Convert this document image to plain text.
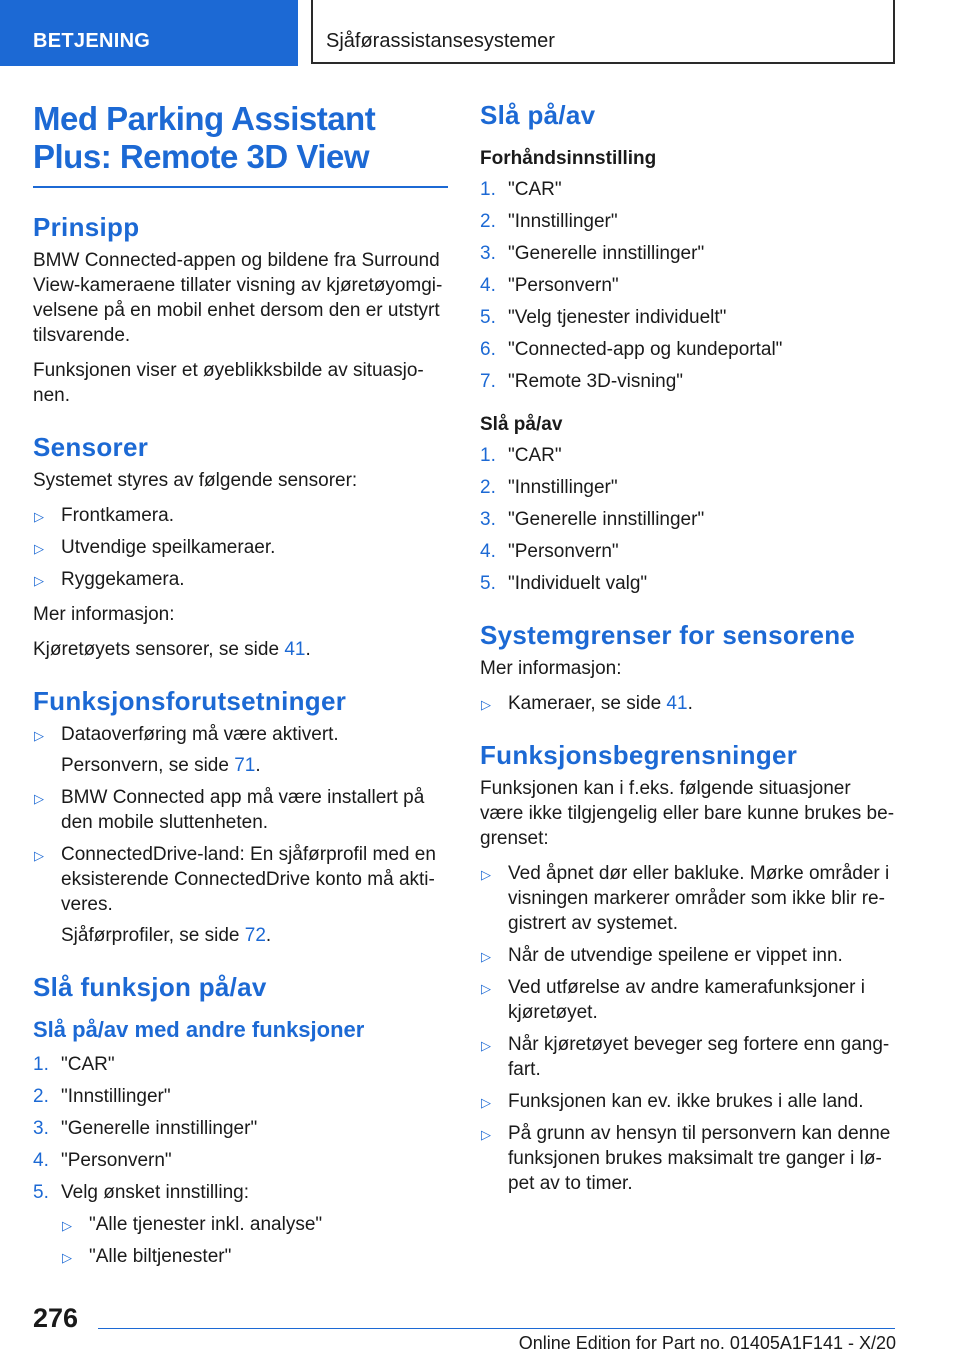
BETJENING	Sjåførassistansesystemer
Med Parking Assistant Plus: Remote 3D View
Prinsipp

BMW Connected-appen og bildene fra Surround View-kameraene tillater visning av kjøretøyomgivelsene på en mobil enhet dersom den er utstyrt tilsvarende.

Funksjonen viser et øyeblikksbilde av situasjonen.

Sensorer

Systemet styres av følgende sensorer:

▷ Frontkamera.
▷ Utvendige speilkameraer.
▷ Ryggekamera.

Mer informasjon:

Kjøretøyets sensorer, se side 41.

Funksjonsforutsetninger
▷ Dataoverføring må være aktivert.
Personvern, se side 71.
▷ BMW Connected app må være installert på den mobile sluttenheten.
▷ ConnectedDrive-land: En sjåførprofil med en eksisterende ConnectedDrive konto må aktiveres.
Sjåførprofiler, se side 72.
Slå funksjon på/av
Slå på/av med andre funksjoner
1. "CAR"
2. "Innstillinger"
3. "Generelle innstillinger"
4. "Personvern"
5. Velg ønsket innstilling:
▷ "Alle tjenester inkl. analyse"
▷ "Alle biltjenester"
Slå på/av
Forhåndsinnstilling
1. "CAR"
2. "Innstillinger"
3. "Generelle innstillinger"
4. "Personvern"
5. "Velg tjenester individuelt"
6. "Connected-app og kundeportal"
7. "Remote 3D-visning"
Slå på/av
1. "CAR"
2. "Innstillinger"
3. "Generelle innstillinger"
4. "Personvern"
5. "Individuelt valg"
Systemgrenser for sensorene

Mer informasjon:

▷ Kameraer, se side 41.
Funksjonsbegrensninger

Funksjonen kan i f.eks. følgende situasjoner være ikke tilgjengelig eller bare kunne brukes begrenset:

▷ Ved åpnet dør eller bakluke. Mørke områder i visningen markerer områder som ikke blir registrert av systemet.
▷ Når de utvendige speilene er vippet inn.
▷ Ved utførelse av andre kamerafunksjoner i kjøretøyet.
▷ Når kjøretøyet beveger seg fortere enn gangfart.
▷ Funksjonen kan ev. ikke brukes i alle land.
▷ På grunn av hensyn til personvern kan denne funksjonen brukes maksimalt tre ganger i løpet av to timer.
276
Online Edition for Part no. 01405A1F141 - X/20
